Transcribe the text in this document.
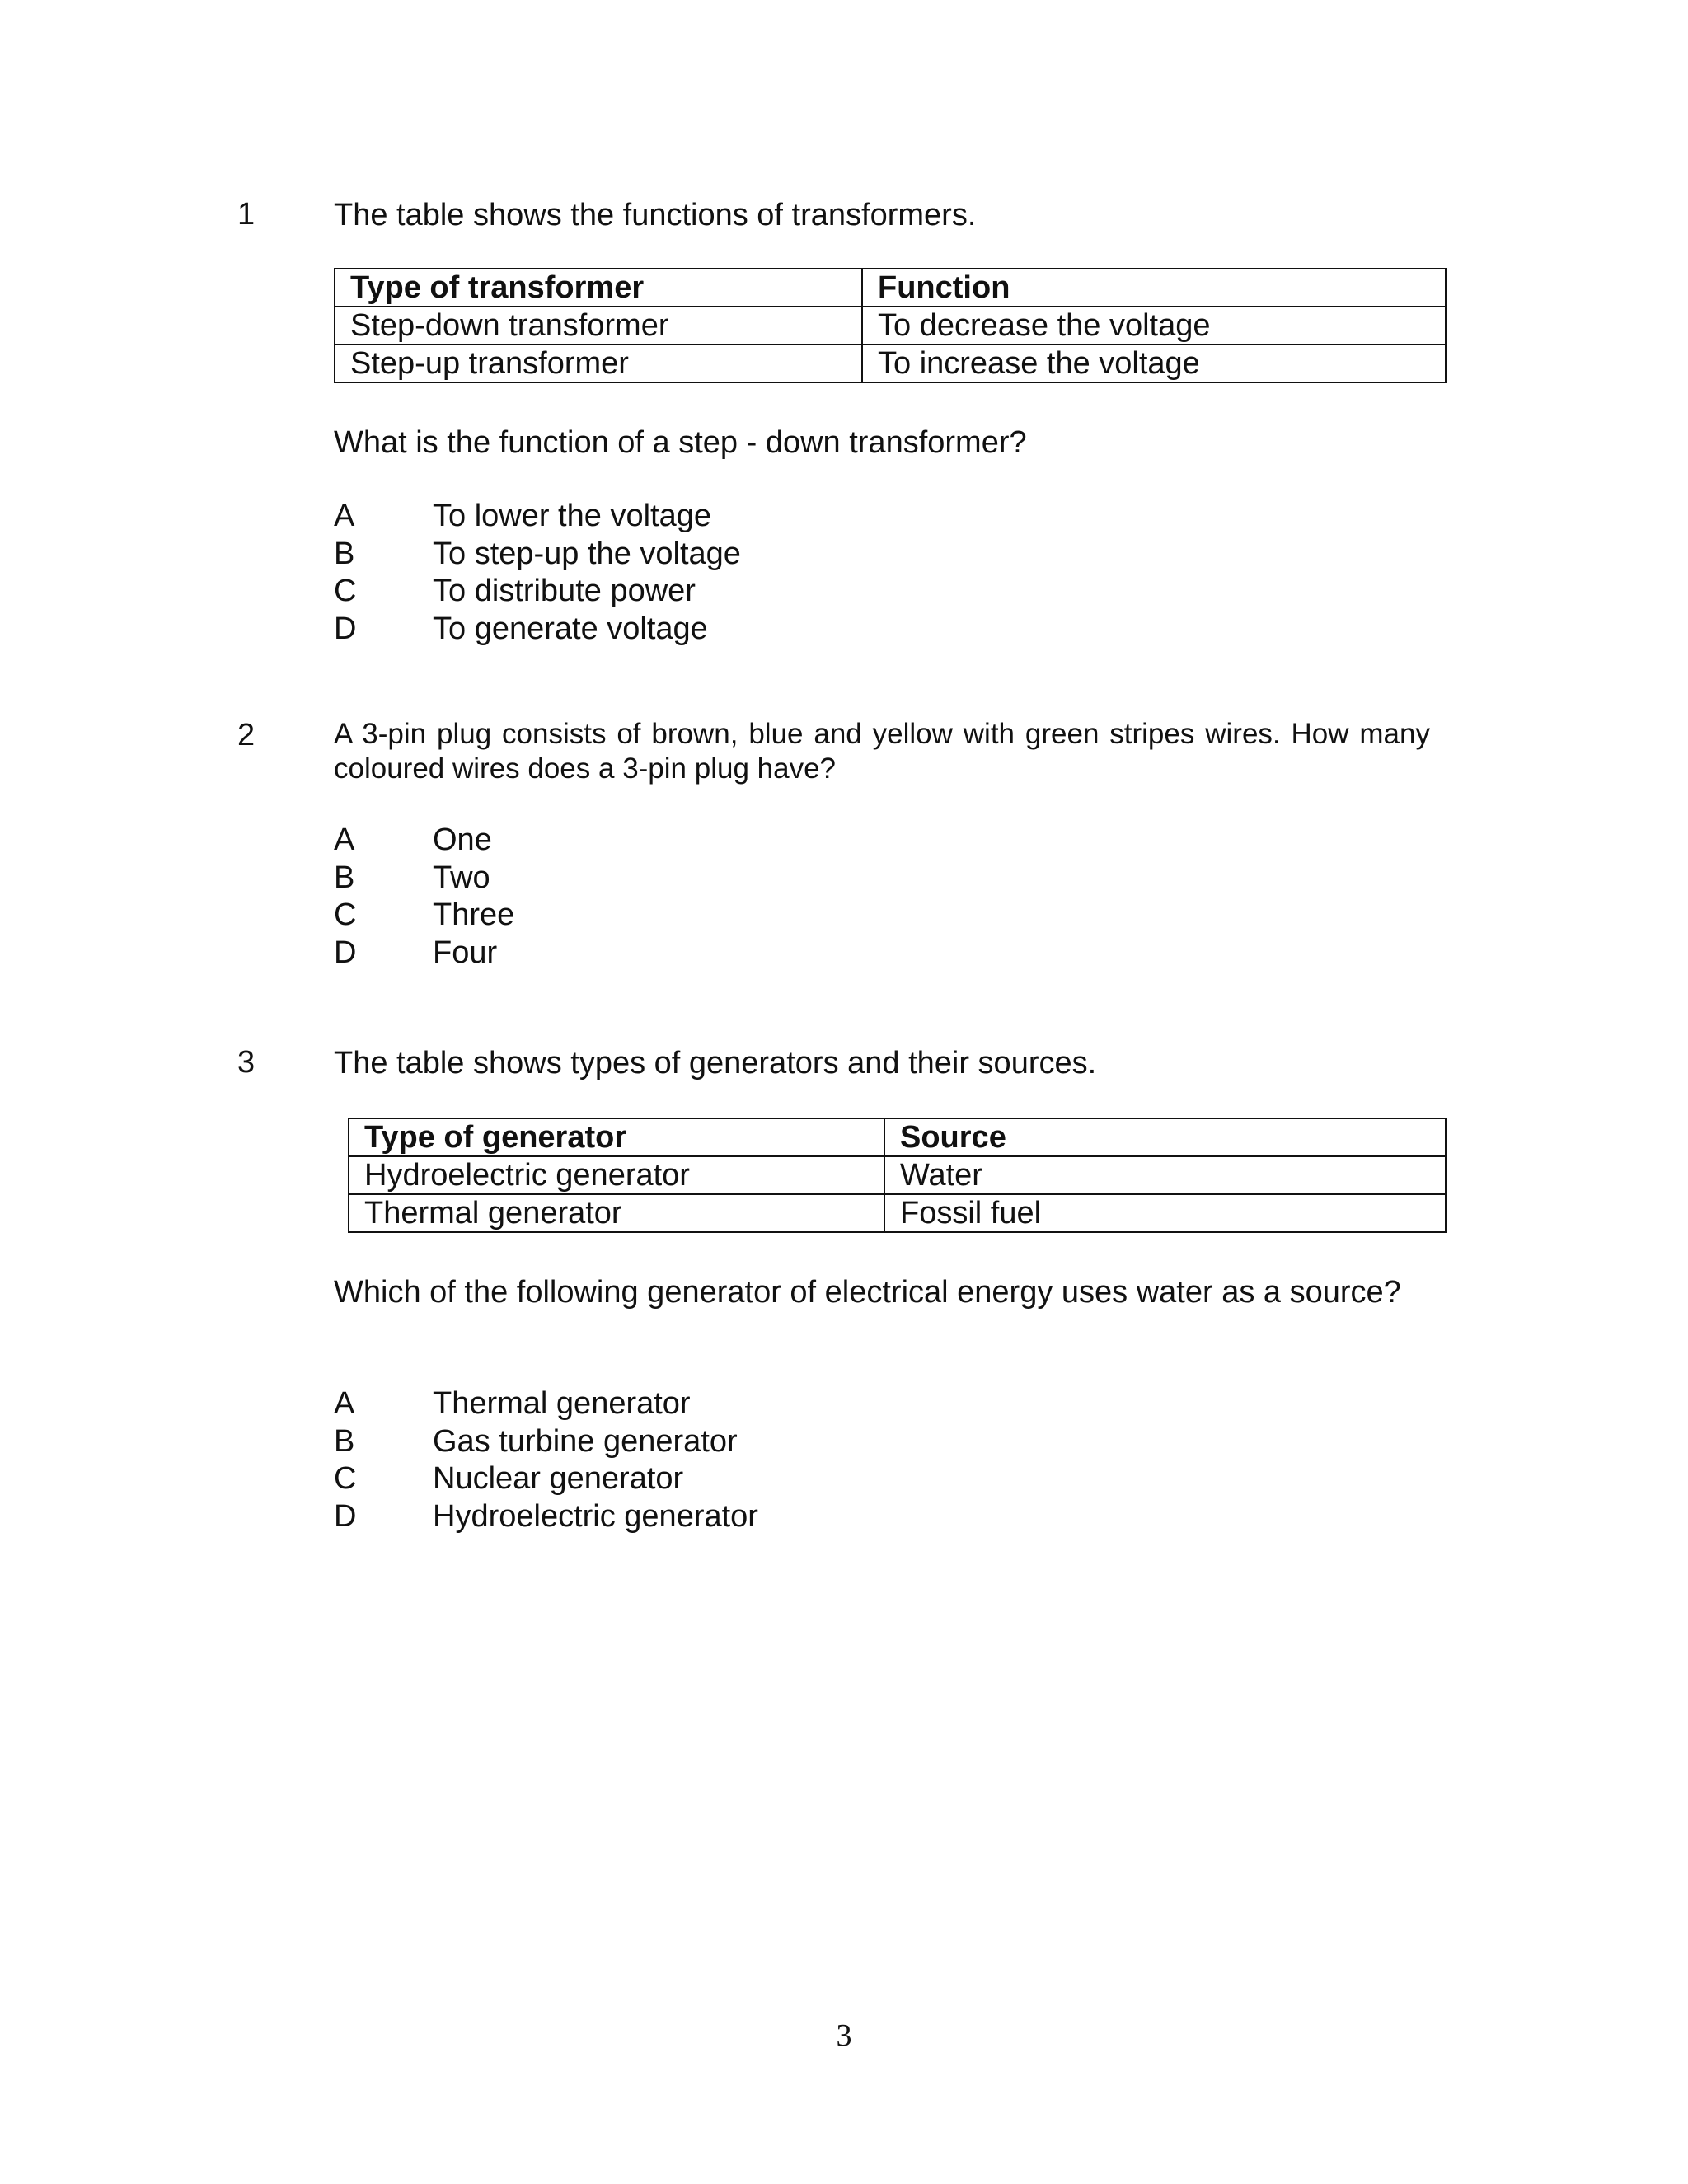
1	The table shows the functions of transformers.
Type of transformer	Function
Step-down transformer	To decrease the voltage
Step-up transformer	To increase the voltage
What is the function of a step - down transformer?
A	To lower the voltage
B	To step-up the voltage
C	To distribute power
D	To generate voltage
2	A 3-pin plug consists of brown, blue and yellow with green stripes wires. How many coloured wires does a 3-pin plug have?
A	One
B	Two
C	Three
D	Four
3	The table shows types of generators and their sources.
Type of generator	Source
Hydroelectric generator	Water
Thermal generator	Fossil fuel
Which of the following generator of electrical energy uses water as a source?
A	Thermal generator
B	Gas turbine generator
C	Nuclear generator
D	Hydroelectric generator
3
